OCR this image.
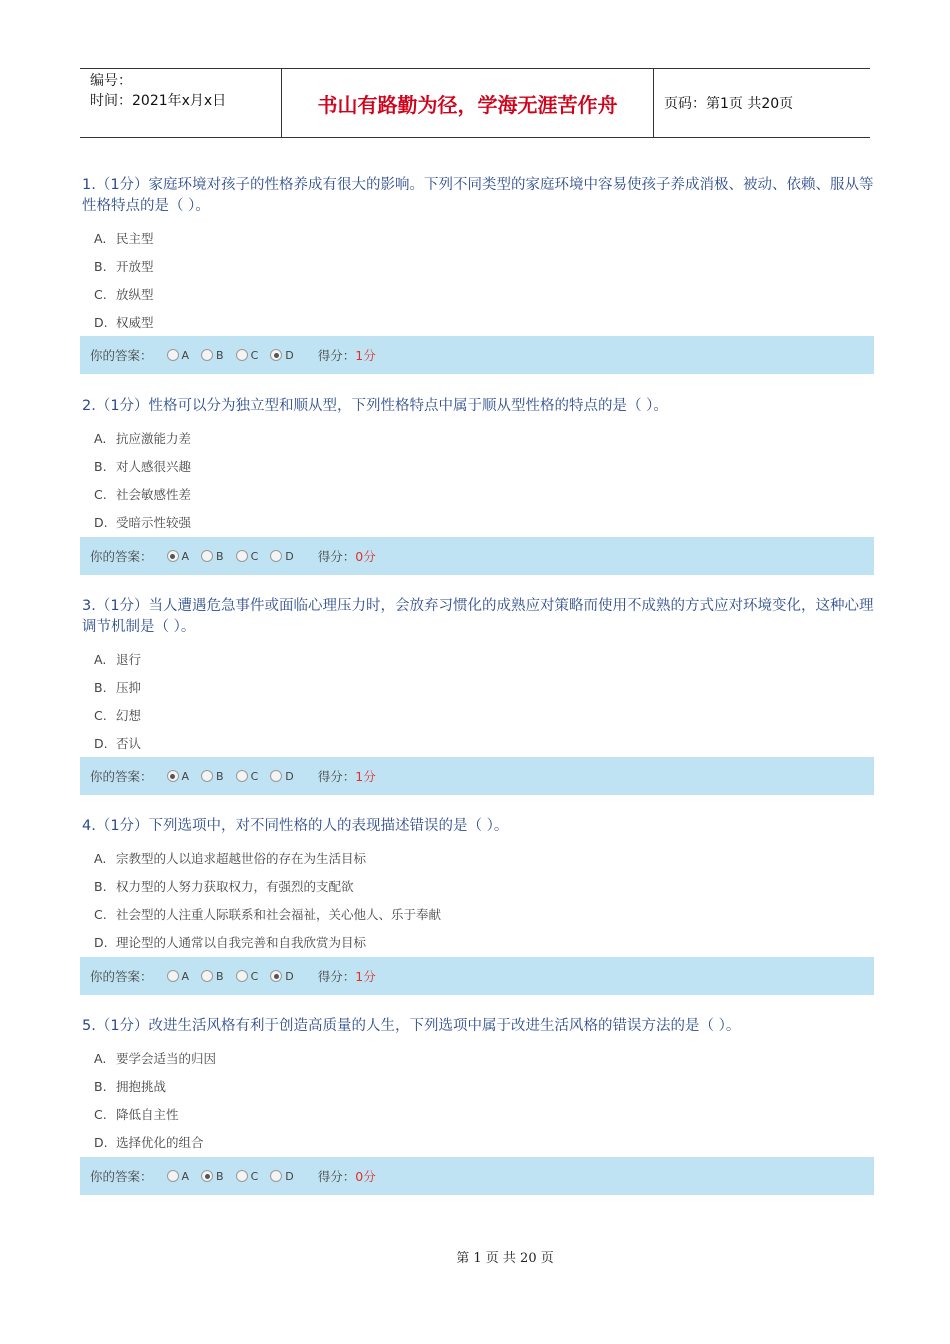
编号：
时间：2021年x月x日	书山有路勤为径，学海无涯苦作舟	页码：第1页 共20页
1.（1分）家庭环境对孩子的性格养成有很大的影响。下列不同类型的家庭环境中容易使孩子养成消极、被动、依赖、服从等性格特点的是（ ）。
A. 民主型
B. 开放型
C. 放纵型
D. 权威型
你的答案：	A B C D 得分：1分
2.（1分）性格可以分为独立型和顺从型，下列性格特点中属于顺从型性格的特点的是（ ）。
A. 抗应激能力差
B. 对人感很兴趣
C. 社会敏感性差
D. 受暗示性较强
你的答案：	A B C D 得分：0分
3.（1分）当人遭遇危急事件或面临心理压力时，会放弃习惯化的成熟应对策略而使用不成熟的方式应对环境变化，这种心理调节机制是（ ）。
A. 退行
B. 压抑
C. 幻想
D. 否认
你的答案：	A B C D 得分：1分
4.（1分）下列选项中，对不同性格的人的表现描述错误的是（ ）。
A. 宗教型的人以追求超越世俗的存在为生活目标
B. 权力型的人努力获取权力，有强烈的支配欲
C. 社会型的人注重人际联系和社会福祉，关心他人、乐于奉献
D. 理论型的人通常以自我完善和自我欣赏为目标
你的答案：	A B C D 得分：1分
5.（1分）改进生活风格有利于创造高质量的人生，下列选项中属于改进生活风格的错误方法的是（ ）。
A. 要学会适当的归因
B. 拥抱挑战
C. 降低自主性
D. 选择优化的组合
你的答案：	A B C D 得分：0分
第 1 页 共 20 页
